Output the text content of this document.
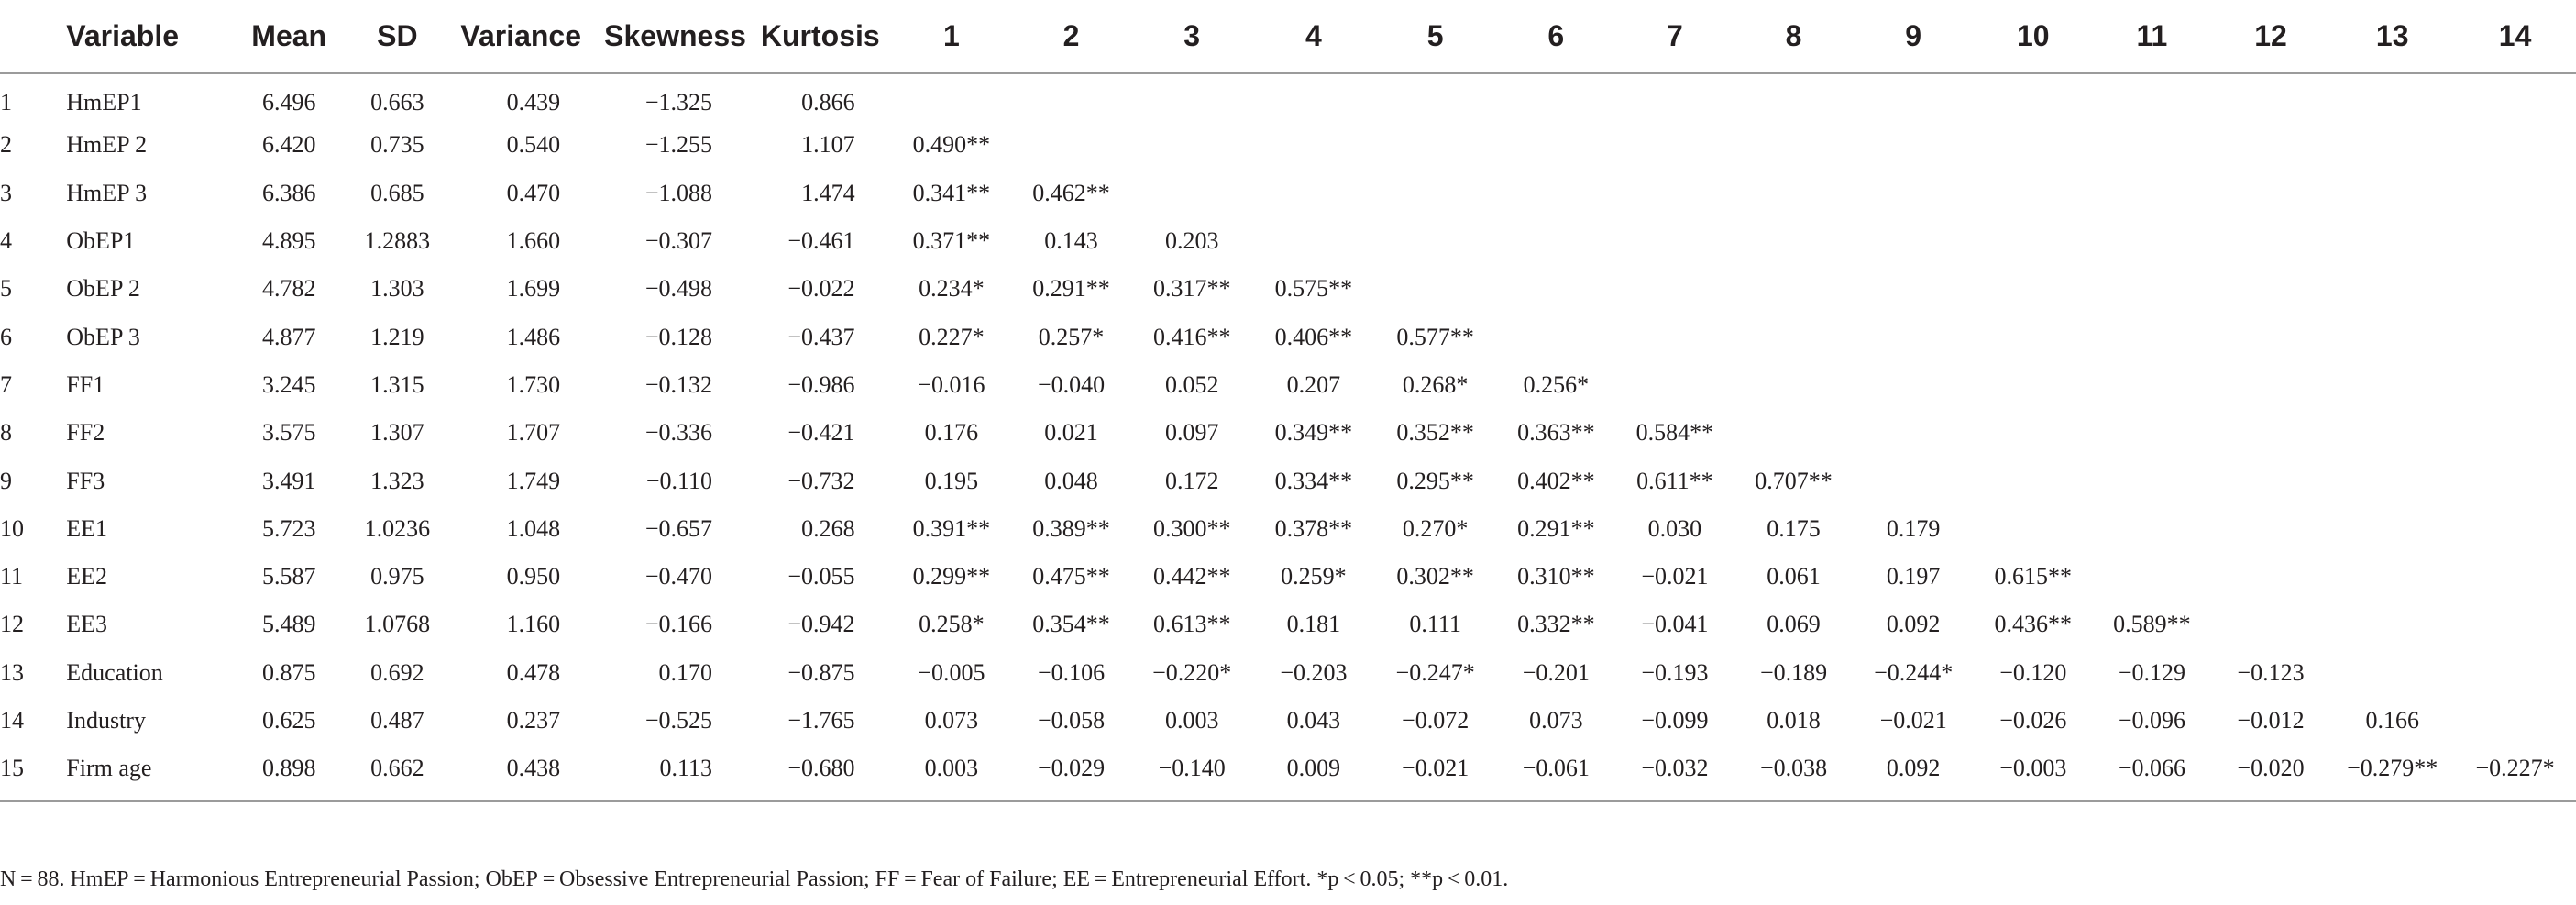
	Variable	Mean	SD	Variance	Skewness	Kurtosis	1	2	3	4	5	6	7	8	9	10	11	12	13	14
1	HmEP1	6.496	0.663	0.439	−1.325	0.866														
2	HmEP 2	6.420	0.735	0.540	−1.255	1.107	0.490**													
3	HmEP 3	6.386	0.685	0.470	−1.088	1.474	0.341**	0.462**												
4	ObEP1	4.895	1.2883	1.660	−0.307	−0.461	0.371**	0.143	0.203											
5	ObEP 2	4.782	1.303	1.699	−0.498	−0.022	0.234*	0.291**	0.317**	0.575**										
6	ObEP 3	4.877	1.219	1.486	−0.128	−0.437	0.227*	0.257*	0.416**	0.406**	0.577**									
7	FF1	3.245	1.315	1.730	−0.132	−0.986	−0.016	−0.040	0.052	0.207	0.268*	0.256*								
8	FF2	3.575	1.307	1.707	−0.336	−0.421	0.176	0.021	0.097	0.349**	0.352**	0.363**	0.584**							
9	FF3	3.491	1.323	1.749	−0.110	−0.732	0.195	0.048	0.172	0.334**	0.295**	0.402**	0.611**	0.707**						
10	EE1	5.723	1.0236	1.048	−0.657	0.268	0.391**	0.389**	0.300**	0.378**	0.270*	0.291**	0.030	0.175	0.179					
11	EE2	5.587	0.975	0.950	−0.470	−0.055	0.299**	0.475**	0.442**	0.259*	0.302**	0.310**	−0.021	0.061	0.197	0.615**				
12	EE3	5.489	1.0768	1.160	−0.166	−0.942	0.258*	0.354**	0.613**	0.181	0.111	0.332**	−0.041	0.069	0.092	0.436**	0.589**			
13	Education	0.875	0.692	0.478	0.170	−0.875	−0.005	−0.106	−0.220*	−0.203	−0.247*	−0.201	−0.193	−0.189	−0.244*	−0.120	−0.129	−0.123		
14	Industry	0.625	0.487	0.237	−0.525	−1.765	0.073	−0.058	0.003	0.043	−0.072	0.073	−0.099	0.018	−0.021	−0.026	−0.096	−0.012	0.166	
15	Firm age	0.898	0.662	0.438	0.113	−0.680	0.003	−0.029	−0.140	0.009	−0.021	−0.061	−0.032	−0.038	0.092	−0.003	−0.066	−0.020	−0.279**	−0.227*
N = 88. HmEP = Harmonious Entrepreneurial Passion; ObEP = Obsessive Entrepreneurial Passion; FF = Fear of Failure; EE = Entrepreneurial Effort. *p < 0.05; **p < 0.01.
